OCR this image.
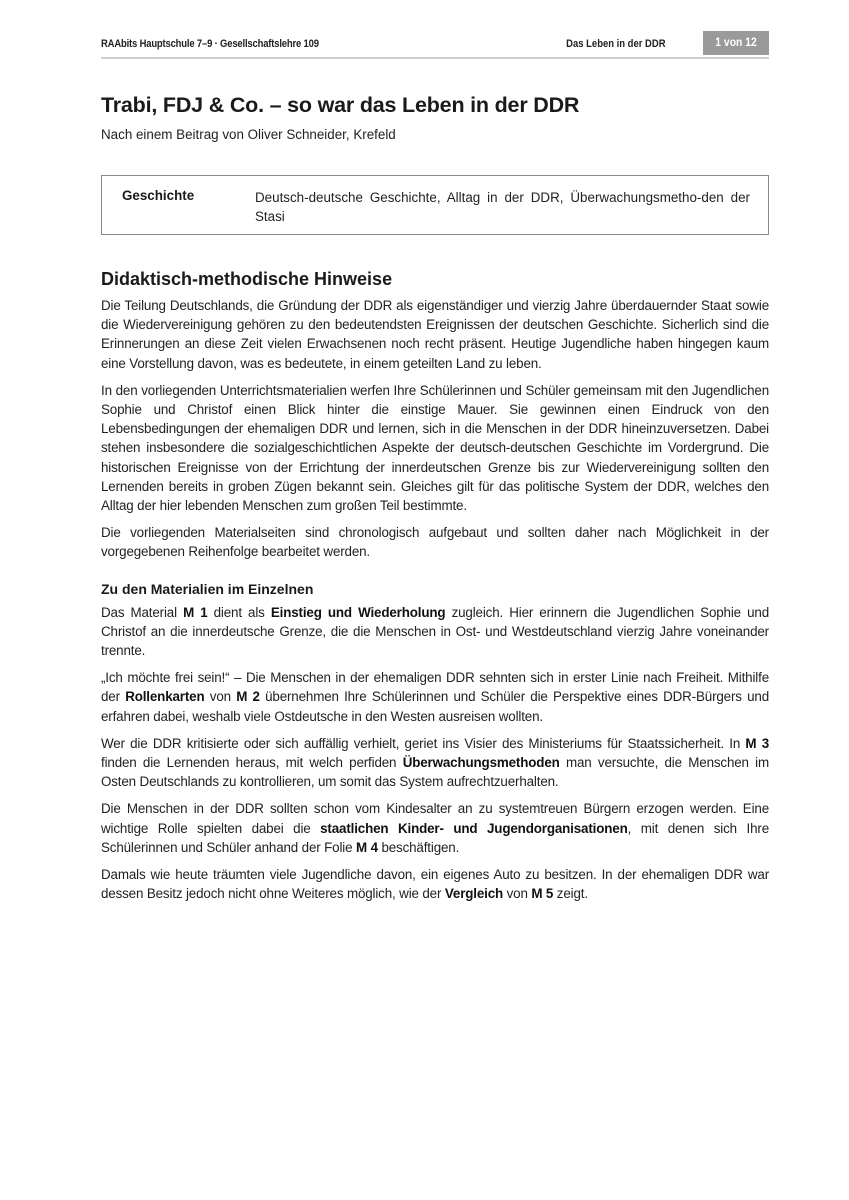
RAAbits Hauptschule 7–9 · Gesellschaftslehre 109	Das Leben in der DDR	1 von 12
Trabi, FDJ & Co. – so war das Leben in der DDR
Nach einem Beitrag von Oliver Schneider, Krefeld
Geschichte	Deutsch-deutsche Geschichte, Alltag in der DDR, Überwachungsmetho-den der Stasi
Didaktisch-methodische Hinweise

Die Teilung Deutschlands, die Gründung der DDR als eigenständiger und vierzig Jahre überdauernder Staat sowie die Wiedervereinigung gehören zu den bedeutendsten Ereignissen der deutschen Geschichte. Sicherlich sind die Erinnerungen an diese Zeit vielen Erwachsenen noch recht präsent. Heutige Jugendliche haben hingegen kaum eine Vorstellung davon, was es bedeutete, in einem geteilten Land zu leben.

In den vorliegenden Unterrichtsmaterialien werfen Ihre Schülerinnen und Schüler gemeinsam mit den Jugendlichen Sophie und Christof einen Blick hinter die einstige Mauer. Sie gewinnen einen Eindruck von den Lebensbedingungen der ehemaligen DDR und lernen, sich in die Menschen in der DDR hineinzuversetzen. Dabei stehen insbesondere die sozialgeschichtlichen Aspekte der deutsch-deutschen Geschichte im Vordergrund. Die historischen Ereignisse von der Errichtung der innerdeutschen Grenze bis zur Wiedervereinigung sollten den Lernenden bereits in groben Zügen bekannt sein. Gleiches gilt für das politische System der DDR, welches den Alltag der hier lebenden Menschen zum großen Teil bestimmte.

Die vorliegenden Materialseiten sind chronologisch aufgebaut und sollten daher nach Möglichkeit in der vorgegebenen Reihenfolge bearbeitet werden.

Zu den Materialien im Einzelnen

Das Material M 1 dient als Einstieg und Wiederholung zugleich. Hier erinnern die Jugendlichen Sophie und Christof an die innerdeutsche Grenze, die die Menschen in Ost- und Westdeutschland vierzig Jahre voneinander trennte.

„Ich möchte frei sein!“ – Die Menschen in der ehemaligen DDR sehnten sich in erster Linie nach Freiheit. Mithilfe der Rollenkarten von M 2 übernehmen Ihre Schülerinnen und Schüler die Perspektive eines DDR-Bürgers und erfahren dabei, weshalb viele Ostdeutsche in den Westen ausreisen wollten.

Wer die DDR kritisierte oder sich auffällig verhielt, geriet ins Visier des Ministeriums für Staatssicherheit. In M 3 finden die Lernenden heraus, mit welch perfiden Überwachungsmethoden man versuchte, die Menschen im Osten Deutschlands zu kontrollieren, um somit das System aufrechtzuerhalten.

Die Menschen in der DDR sollten schon vom Kindesalter an zu systemtreuen Bürgern erzogen werden. Eine wichtige Rolle spielten dabei die staatlichen Kinder- und Jugendorganisationen, mit denen sich Ihre Schülerinnen und Schüler anhand der Folie M 4 beschäftigen.

Damals wie heute träumten viele Jugendliche davon, ein eigenes Auto zu besitzen. In der ehemaligen DDR war dessen Besitz jedoch nicht ohne Weiteres möglich, wie der Vergleich von M 5 zeigt.
